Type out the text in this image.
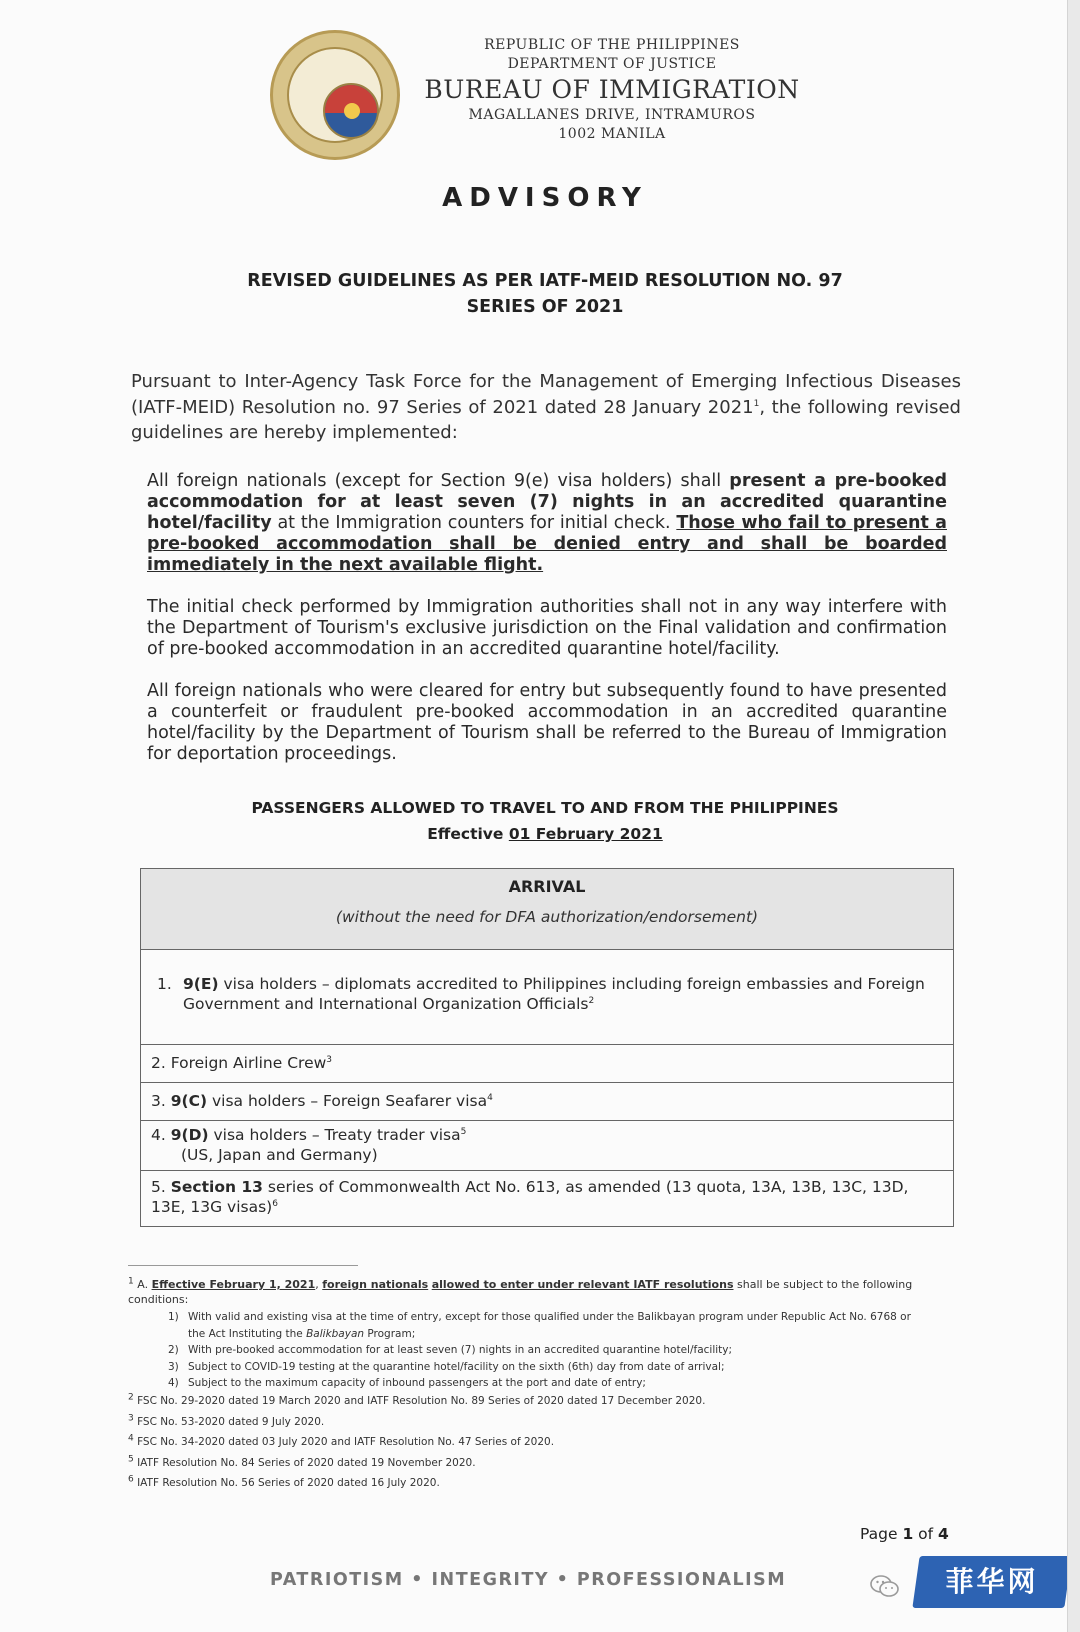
REPUBLIC OF THE PHILIPPINES
DEPARTMENT OF JUSTICE
BUREAU OF IMMIGRATION
MAGALLANES DRIVE, INTRAMUROS
1002 MANILA
ADVISORY
REVISED GUIDELINES AS PER IATF-MEID RESOLUTION NO. 97
SERIES OF 2021
Pursuant to Inter-Agency Task Force for the Management of Emerging Infectious Diseases (IATF-MEID) Resolution no. 97 Series of 2021 dated 28 January 2021$^1$, the following revised guidelines are hereby implemented:
All foreign nationals (except for Section 9(e) visa holders) shall present a pre-booked accommodation for at least seven (7) nights in an accredited quarantine hotel/facility at the Immigration counters for initial check. Those who fail to present a pre-booked accommodation shall be denied entry and shall be boarded immediately in the next available flight.
The initial check performed by Immigration authorities shall not in any way interfere with the Department of Tourism's exclusive jurisdiction on the Final validation and confirmation of pre-booked accommodation in an accredited quarantine hotel/facility.
All foreign nationals who were cleared for entry but subsequently found to have presented a counterfeit or fraudulent pre-booked accommodation in an accredited quarantine hotel/facility by the Department of Tourism shall be referred to the Bureau of Immigration for deportation proceedings.
PASSENGERS ALLOWED TO TRAVEL TO AND FROM THE PHILIPPINES
Effective 01 February 2021
ARRIVAL
(without the need for DFA authorization/endorsement)
1. 9(E) visa holders – diplomats accredited to Philippines including foreign embassies and Foreign Government and International Organization Officials$^2$
2. Foreign Airline Crew$^3$
3. 9(C) visa holders – Foreign Seafarer visa$^4$
4. 9(D) visa holders – Treaty trader visa$^5$
(US, Japan and Germany)
5. Section 13 series of Commonwealth Act No. 613, as amended (13 quota, 13A, 13B, 13C, 13D, 13E, 13G visas)$^6$
$^1$ A. Effective February 1, 2021, foreign nationals allowed to enter under relevant IATF resolutions shall be subject to the following conditions:
1) With valid and existing visa at the time of entry, except for those qualified under the Balikbayan program under Republic Act No. 6768 or the Act Instituting the Balikbayan Program;
2) With pre-booked accommodation for at least seven (7) nights in an accredited quarantine hotel/facility;
3) Subject to COVID-19 testing at the quarantine hotel/facility on the sixth (6th) day from date of arrival;
4) Subject to the maximum capacity of inbound passengers at the port and date of entry;
$^2$ FSC No. 29-2020 dated 19 March 2020 and IATF Resolution No. 89 Series of 2020 dated 17 December 2020.
$^3$ FSC No. 53-2020 dated 9 July 2020.
$^4$ FSC No. 34-2020 dated 03 July 2020 and IATF Resolution No. 47 Series of 2020.
$^5$ IATF Resolution No. 84 Series of 2020 dated 19 November 2020.
$^6$ IATF Resolution No. 56 Series of 2020 dated 16 July 2020.
Page 1 of 4
PATRIOTISM • INTEGRITY • PROFESSIONALISM	菲华网
